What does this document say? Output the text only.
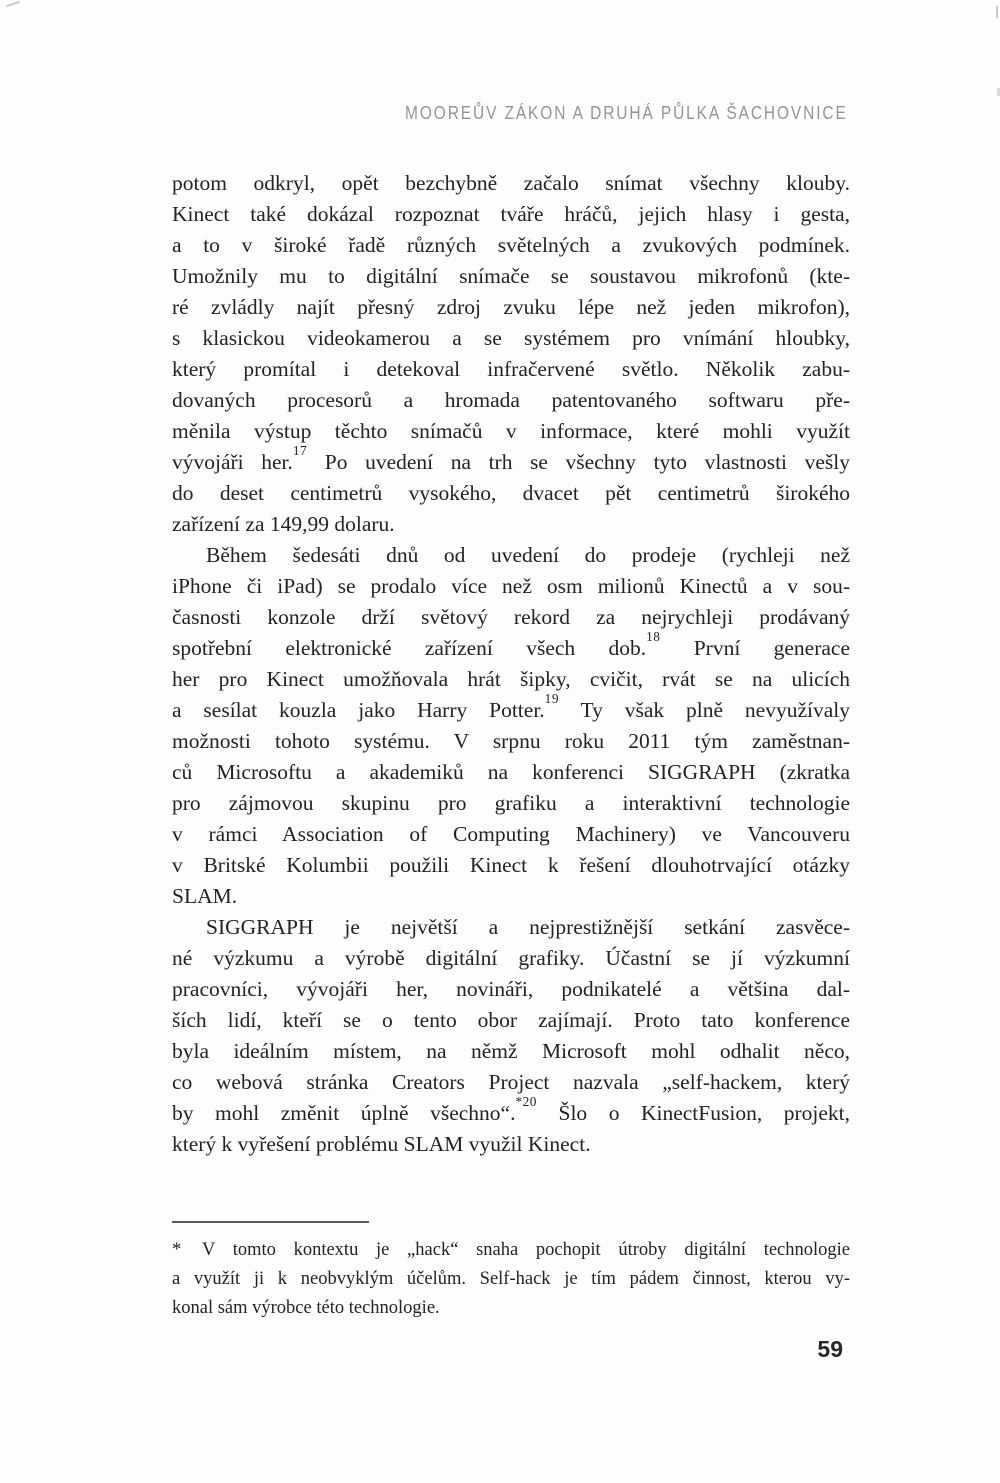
MOOREŮV ZÁKON A DRUHÁ PŮLKA ŠACHOVNICE
potom odkryl, opět bezchybně začalo snímat všechny klouby.
Kinect také dokázal rozpoznat tváře hráčů, jejich hlasy i gesta,
a to v široké řadě různých světelných a zvukových podmínek.
Umožnily mu to digitální snímače se soustavou mikrofonů (kte-
ré zvládly najít přesný zdroj zvuku lépe než jeden mikrofon),
s klasickou videokamerou a se systémem pro vnímání hloubky,
který promítal i detekoval infračervené světlo. Několik zabu-
dovaných procesorů a hromada patentovaného softwaru pře-
měnila výstup těchto snímačů v informace, které mohli využít
vývojáři her.$^{17}$ Po uvedení na trh se všechny tyto vlastnosti vešly
do deset centimetrů vysokého, dvacet pět centimetrů širokého
zařízení za 149,99 dolaru.
Během šedesáti dnů od uvedení do prodeje (rychleji než
iPhone či iPad) se prodalo více než osm milionů Kinectů a v sou-
časnosti konzole drží světový rekord za nejrychleji prodávaný
spotřební elektronické zařízení všech dob.$^{18}$ První generace
her pro Kinect umožňovala hrát šipky, cvičit, rvát se na ulicích
a sesílat kouzla jako Harry Potter.$^{19}$ Ty však plně nevyužívaly
možnosti tohoto systému. V srpnu roku 2011 tým zaměstnan-
ců Microsoftu a akademiků na konferenci SIGGRAPH (zkratka
pro zájmovou skupinu pro grafiku a interaktivní technologie
v rámci Association of Computing Machinery) ve Vancouveru
v Britské Kolumbii použili Kinect k řešení dlouhotrvající otázky
SLAM.
SIGGRAPH je největší a nejprestižnější setkání zasvěce-
né výzkumu a výrobě digitální grafiky. Účastní se jí výzkumní
pracovníci, vývojáři her, novináři, podnikatelé a většina dal-
ších lidí, kteří se o tento obor zajímají. Proto tato konference
byla ideálním místem, na němž Microsoft mohl odhalit něco,
co webová stránka Creators Project nazvala „self-hackem, který
by mohl změnit úplně všechno“.$^{*20}$ Šlo o KinectFusion, projekt,
který k vyřešení problému SLAM využil Kinect.
* V tomto kontextu je „hack“ snaha pochopit útroby digitální technologie
a využít ji k neobvyklým účelům. Self-hack je tím pádem činnost, kterou vy-
konal sám výrobce této technologie.
59
